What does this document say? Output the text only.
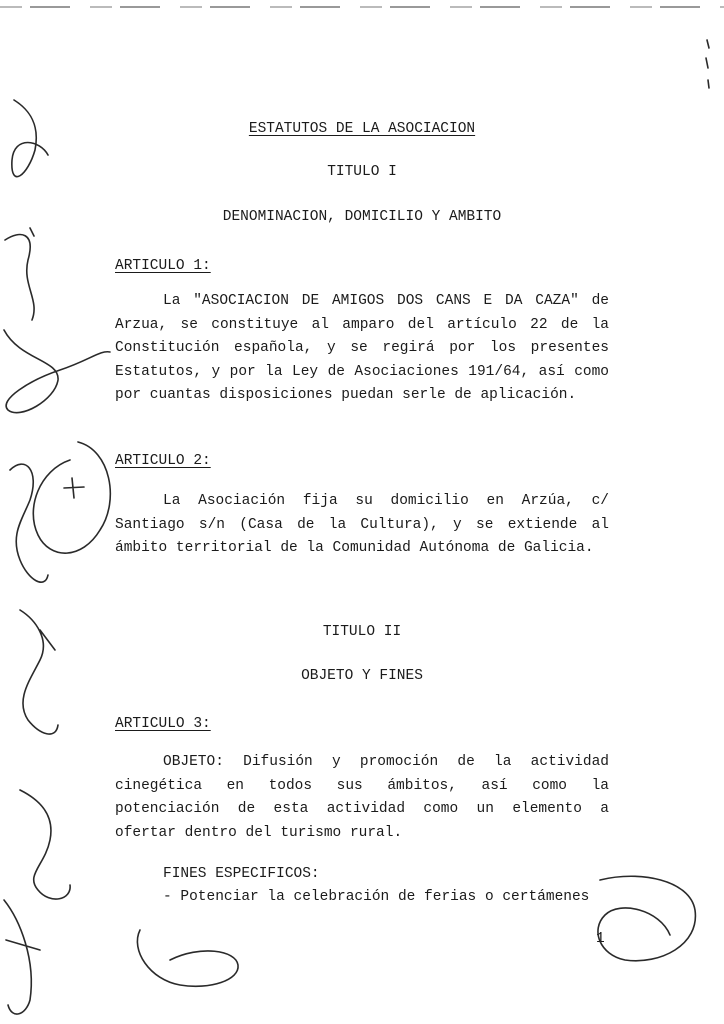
ESTATUTOS DE LA ASOCIACION
TITULO I
DENOMINACION, DOMICILIO Y AMBITO
ARTICULO 1:
La "ASOCIACION DE AMIGOS DOS CANS E DA CAZA" de Arzua, se constituye al amparo del artículo 22 de la Constitución española, y se regirá por los presentes Estatutos, y por la Ley de Asociaciones 191/64, así como por cuantas disposiciones puedan serle de aplicación.
ARTICULO 2:
La Asociación fija su domicilio en Arzúa, c/ Santiago s/n (Casa de la Cultura), y se extiende al ámbito territorial de la Comunidad Autónoma de Galicia.
TITULO II
OBJETO Y FINES
ARTICULO 3:
OBJETO: Difusión y promoción de la actividad cinegética en todos sus ámbitos, así como la potenciación de esta actividad como un elemento a ofertar dentro del turismo rural.
FINES ESPECIFICOS:
- Potenciar la celebración de ferias o certámenes
1
